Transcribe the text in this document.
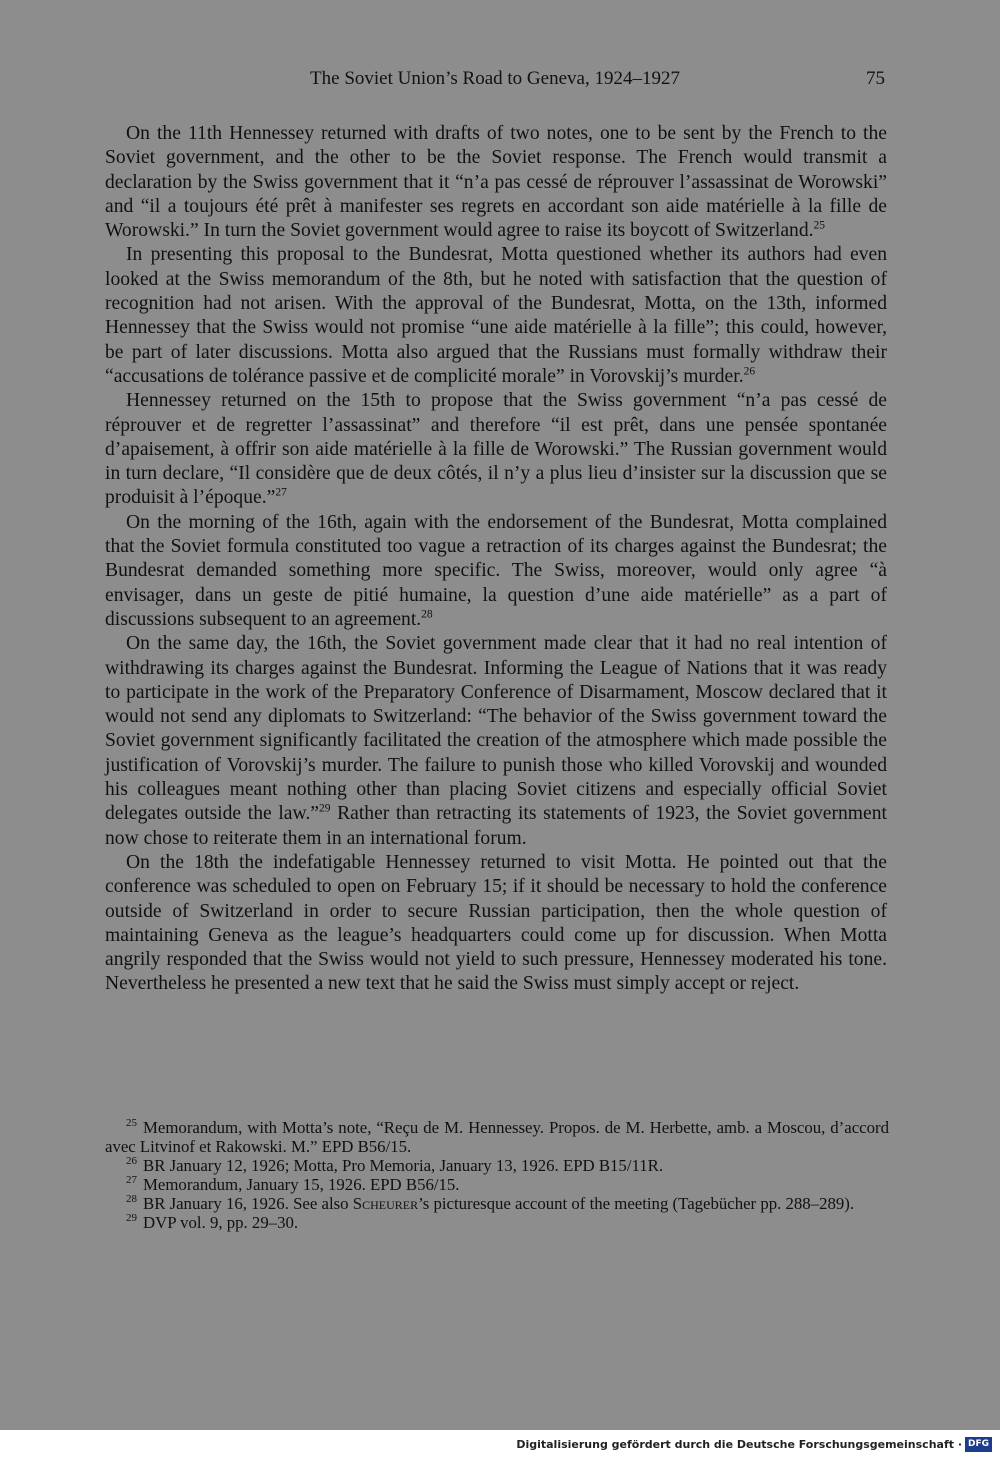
The Soviet Union’s Road to Geneva, 1924–1927	75

On the 11th Hennessey returned with drafts of two notes, one to be sent by the French to the Soviet government, and the other to be the Soviet response. The French would transmit a declaration by the Swiss government that it “n’a pas cessé de réprouver l’assassinat de Worowski” and “il a toujours été prêt à manifester ses regrets en accordant son aide matérielle à la fille de Worowski.” In turn the Soviet government would agree to raise its boycott of Switzerland.$^{25}$

In presenting this proposal to the Bundesrat, Motta questioned whether its authors had even looked at the Swiss memorandum of the 8th, but he noted with satisfaction that the question of recognition had not arisen. With the approval of the Bundesrat, Motta, on the 13th, informed Hennessey that the Swiss would not promise “une aide matérielle à la fille”; this could, however, be part of later discussions. Motta also argued that the Russians must formally withdraw their “accusations de tolérance passive et de complicité morale” in Vorovskij’s murder.$^{26}$

Hennessey returned on the 15th to propose that the Swiss government “n’a pas cessé de réprouver et de regretter l’assassinat” and therefore “il est prêt, dans une pensée spontanée d’apaisement, à offrir son aide matérielle à la fille de Worowski.” The Russian government would in turn declare, “Il considère que de deux côtés, il n’y a plus lieu d’insister sur la discussion que se produisit à l’époque.”$^{27}$

On the morning of the 16th, again with the endorsement of the Bundesrat, Motta complained that the Soviet formula constituted too vague a retraction of its charges against the Bundesrat; the Bundesrat demanded something more specific. The Swiss, moreover, would only agree “à envisager, dans un geste de pitié humaine, la question d’une aide matérielle” as a part of discussions subsequent to an agreement.$^{28}$

On the same day, the 16th, the Soviet government made clear that it had no real intention of withdrawing its charges against the Bundesrat. Informing the League of Nations that it was ready to participate in the work of the Preparatory Conference of Disarmament, Moscow declared that it would not send any diplomats to Switzerland: “The behavior of the Swiss government toward the Soviet government significantly facilitated the creation of the atmosphere which made possible the justification of Vorovskij’s murder. The failure to punish those who killed Vorovskij and wounded his colleagues meant nothing other than placing Soviet citizens and especially official Soviet delegates outside the law.”$^{29}$ Rather than retracting its statements of 1923, the Soviet government now chose to reiterate them in an international forum.

On the 18th the indefatigable Hennessey returned to visit Motta. He pointed out that the conference was scheduled to open on February 15; if it should be necessary to hold the conference outside of Switzerland in order to secure Russian participation, then the whole question of maintaining Geneva as the league’s headquarters could come up for discussion. When Motta angrily responded that the Swiss would not yield to such pressure, Hennessey moderated his tone. Nevertheless he presented a new text that he said the Swiss must simply accept or reject.

$^{25}$ Memorandum, with Motta’s note, “Reçu de M. Hennessey. Propos. de M. Herbette, amb. a Moscou, d’accord avec Litvinof et Rakowski. M.” EPD B56/15.

$^{26}$ BR January 12, 1926; Motta, Pro Memoria, January 13, 1926. EPD B15/11R.

$^{27}$ Memorandum, January 15, 1926. EPD B56/15.

$^{28}$ BR January 16, 1926. See also Scheurer’s picturesque account of the meeting (Tagebücher pp. 288–289).

$^{29}$ DVP vol. 9, pp. 29–30.

Digitalisierung gefördert durch die Deutsche Forschungsgemeinschaft · DFG
